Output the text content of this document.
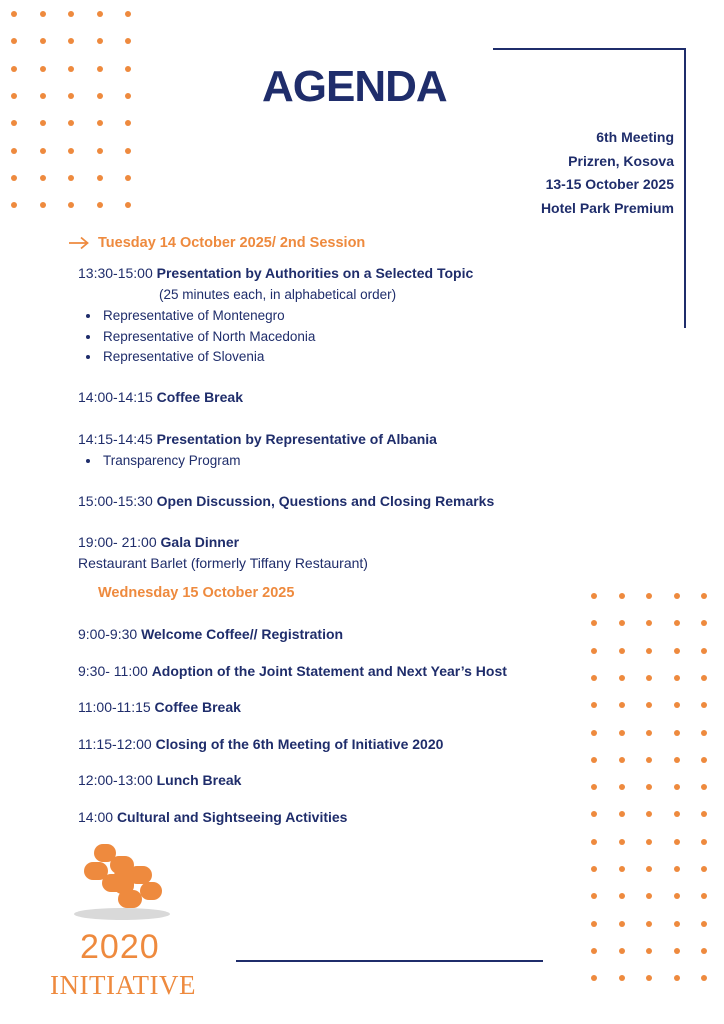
AGENDA
6th Meeting
Prizren, Kosova
13-15 October 2025
Hotel Park Premium
Tuesday 14 October 2025/ 2nd Session
13:30-15:00 Presentation by Authorities on a Selected Topic
(25 minutes each, in alphabetical order)
Representative of Montenegro
Representative of North Macedonia
Representative of Slovenia
14:00-14:15 Coffee Break
14:15-14:45 Presentation by Representative of Albania
Transparency Program
15:00-15:30 Open Discussion, Questions and Closing Remarks
19:00- 21:00 Gala Dinner
Restaurant Barlet (formerly Tiffany Restaurant)
Wednesday 15 October 2025
9:00-9:30 Welcome Coffee// Registration
9:30- 11:00 Adoption of the Joint Statement and Next Year’s Host
11:00-11:15 Coffee Break
11:15-12:00 Closing of the 6th Meeting of Initiative 2020
12:00-13:00 Lunch Break
14:00 Cultural and Sightseeing Activities
2020
INITIATIVE
